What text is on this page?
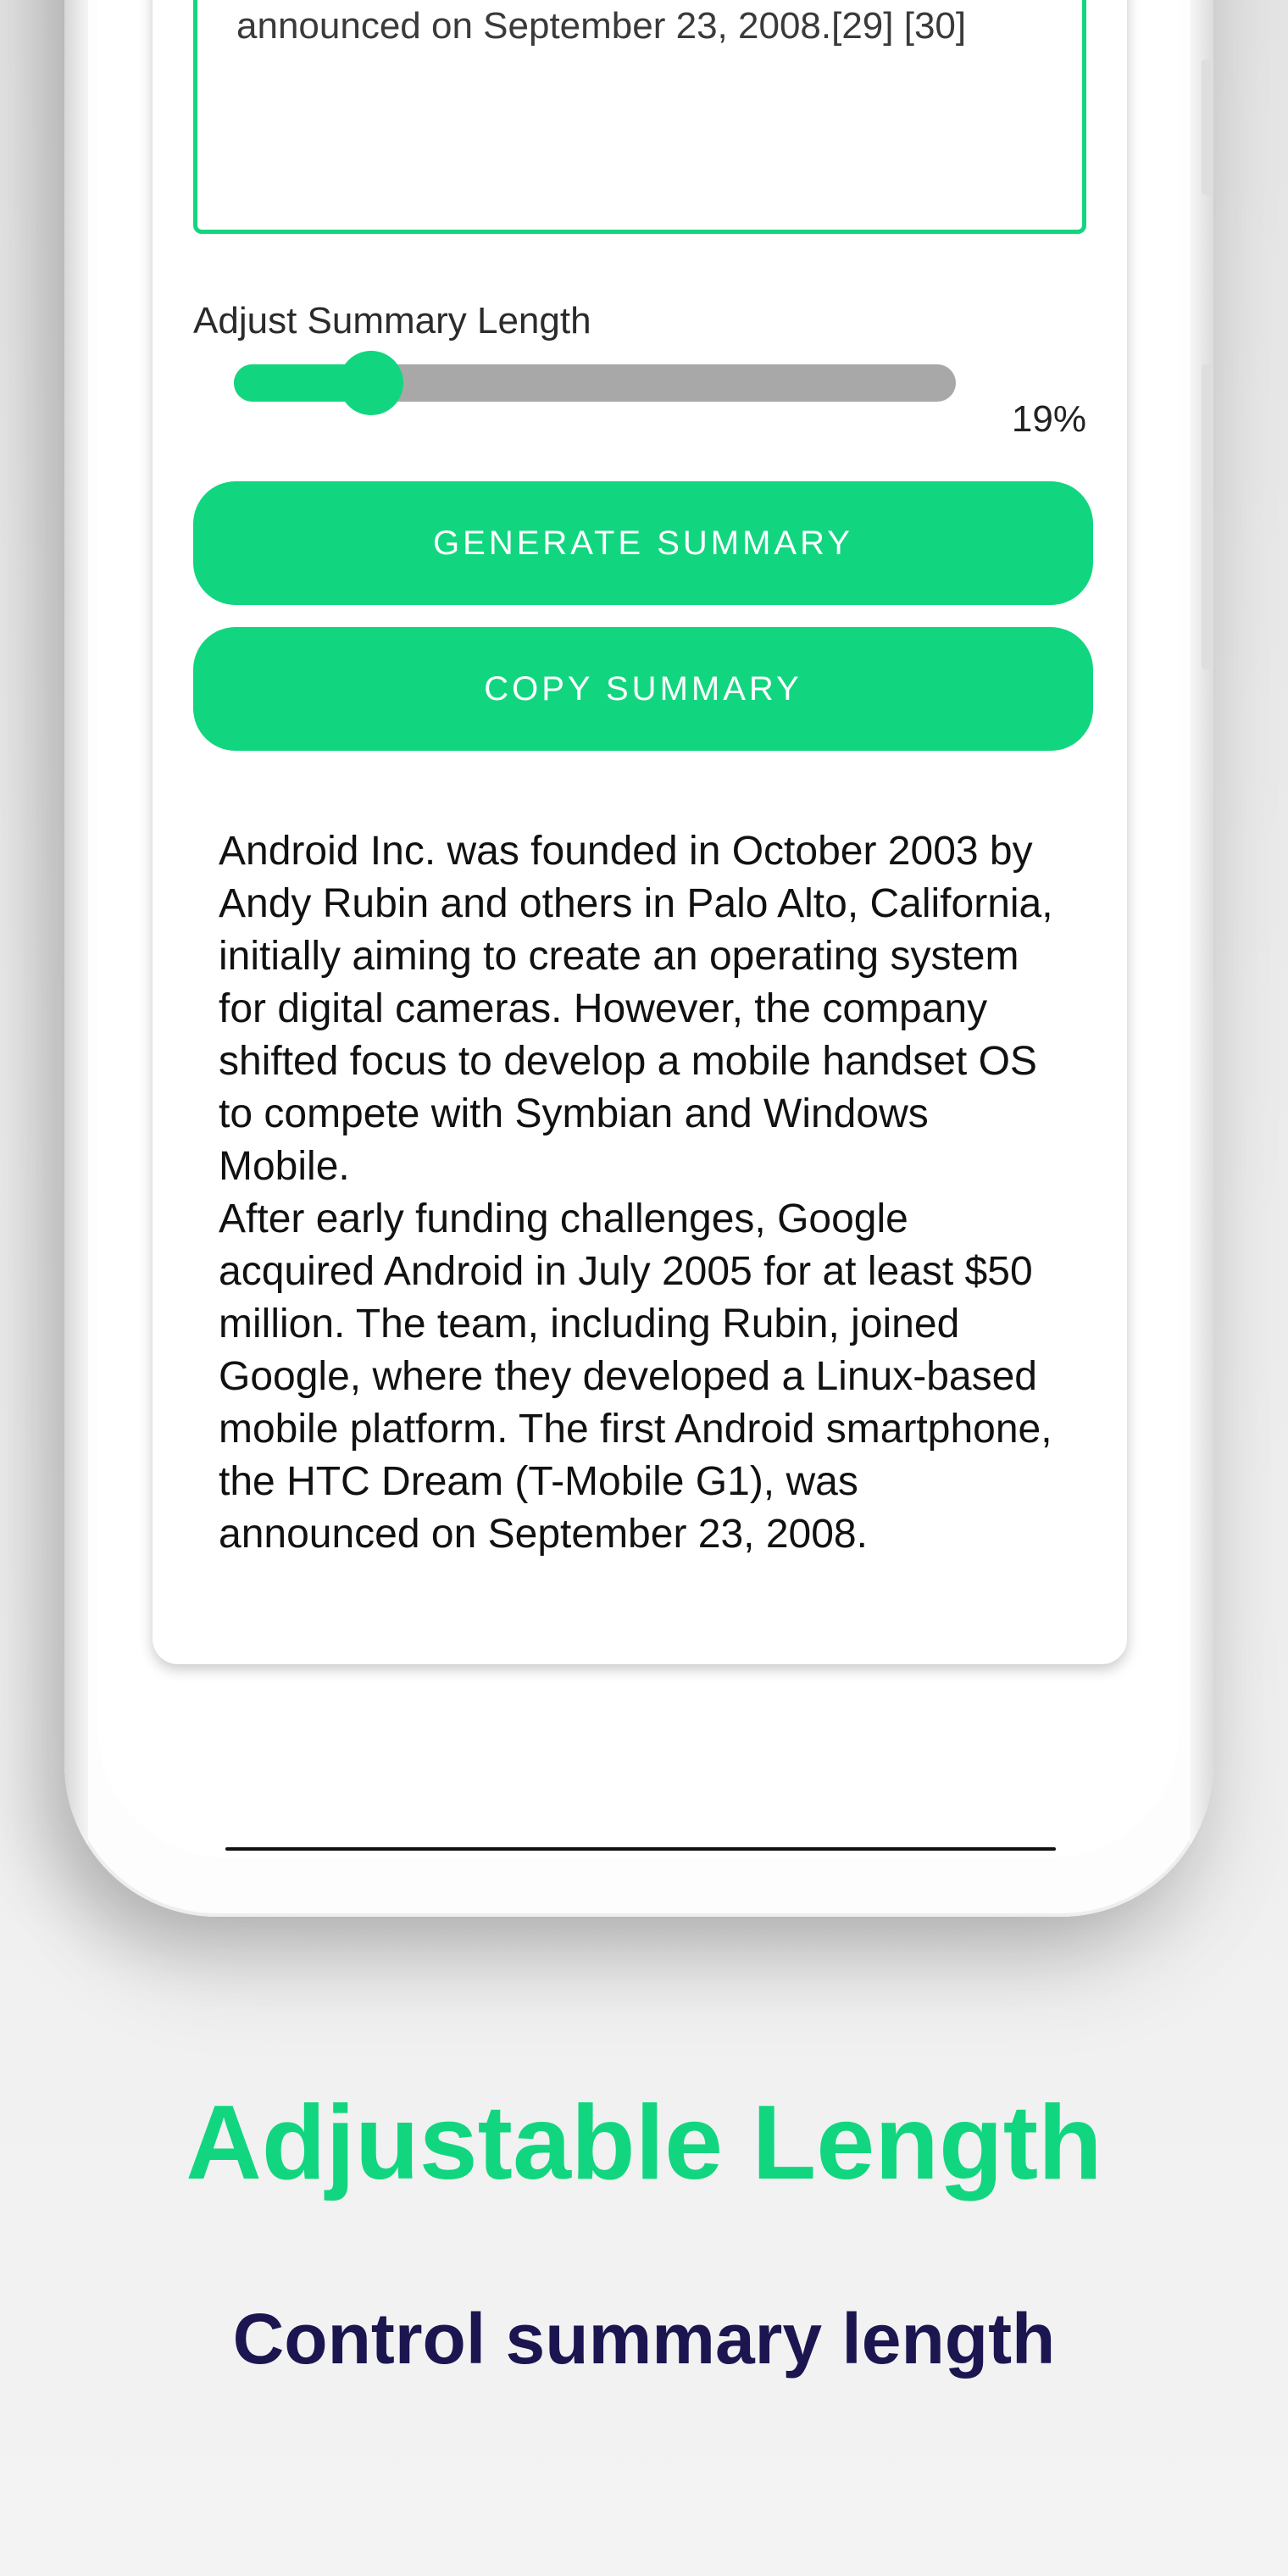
announced on September 23, 2008.[29] [30]

Adjust Summary Length

19%
GENERATE SUMMARY
COPY SUMMARY

Android Inc. was founded in October 2003 by Andy Rubin and others in Palo Alto, California, initially aiming to create an operating system for digital cameras. However, the company shifted focus to develop a mobile handset OS to compete with Symbian and Windows Mobile.
After early funding challenges, Google acquired Android in July 2005 for at least $50 million. The team, including Rubin, joined Google, where they developed a Linux-based mobile platform. The first Android smartphone, the HTC Dream (T-Mobile G1), was announced on September 23, 2008.

Adjustable Length
Control summary length
